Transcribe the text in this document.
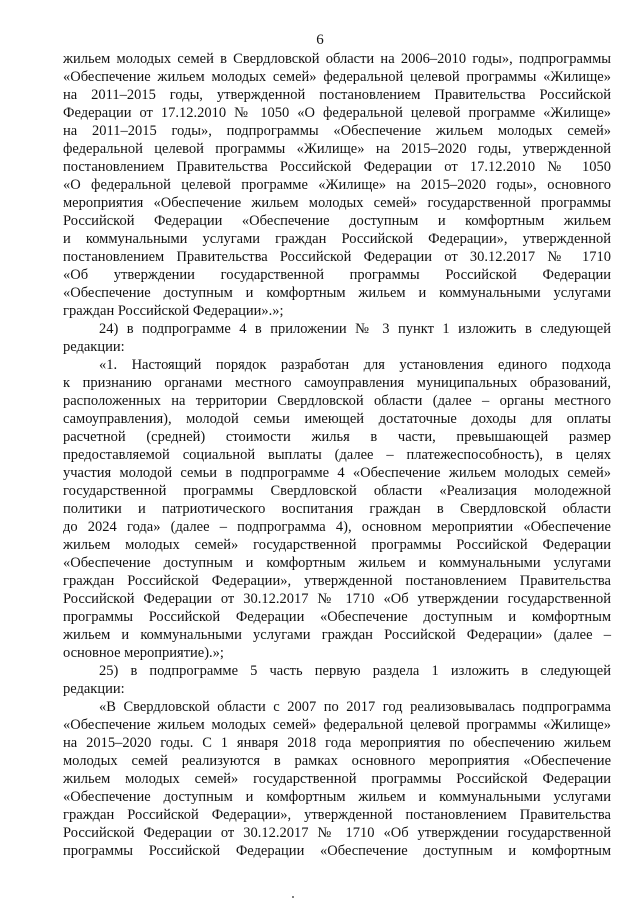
6
жильем молодых семей в Свердловской области на 2006–2010 годы», подпрограммы
«Обеспечение жильем молодых семей» федеральной целевой программы «Жилище»
на 2011–2015 годы, утвержденной постановлением Правительства Российской
Федерации от 17.12.2010 № 1050 «О федеральной целевой программе «Жилище»
на 2011–2015 годы», подпрограммы «Обеспечение жильем молодых семей»
федеральной целевой программы «Жилище» на 2015–2020 годы, утвержденной
постановлением Правительства Российской Федерации от 17.12.2010 № 1050
«О федеральной целевой программе «Жилище» на 2015–2020 годы», основного
мероприятия «Обеспечение жильем молодых семей» государственной программы
Российской Федерации «Обеспечение доступным и комфортным жильем
и коммунальными услугами граждан Российской Федерации», утвержденной
постановлением Правительства Российской Федерации от 30.12.2017 № 1710
«Об утверждении государственной программы Российской Федерации
«Обеспечение доступным и комфортным жильем и коммунальными услугами
граждан Российской Федерации».»;
24) в подпрограмме 4 в приложении № 3 пункт 1 изложить в следующей
редакции:
«1. Настоящий порядок разработан для установления единого подхода
к признанию органами местного самоуправления муниципальных образований,
расположенных на территории Свердловской области (далее – органы местного
самоуправления), молодой семьи имеющей достаточные доходы для оплаты
расчетной (средней) стоимости жилья в части, превышающей размер
предоставляемой социальной выплаты (далее – платежеспособность), в целях
участия молодой семьи в подпрограмме 4 «Обеспечение жильем молодых семей»
государственной программы Свердловской области «Реализация молодежной
политики и патриотического воспитания граждан в Свердловской области
до 2024 года» (далее – подпрограмма 4), основном мероприятии «Обеспечение
жильем молодых семей» государственной программы Российской Федерации
«Обеспечение доступным и комфортным жильем и коммунальными услугами
граждан Российской Федерации», утвержденной постановлением Правительства
Российской Федерации от 30.12.2017 № 1710 «Об утверждении государственной
программы Российской Федерации «Обеспечение доступным и комфортным
жильем и коммунальными услугами граждан Российской Федерации» (далее –
основное мероприятие).»;
25) в подпрограмме 5 часть первую раздела 1 изложить в следующей
редакции:
«В Свердловской области с 2007 по 2017 год реализовывалась подпрограмма
«Обеспечение жильем молодых семей» федеральной целевой программы «Жилище»
на 2015–2020 годы. С 1 января 2018 года мероприятия по обеспечению жильем
молодых семей реализуются в рамках основного мероприятия «Обеспечение
жильем молодых семей» государственной программы Российской Федерации
«Обеспечение доступным и комфортным жильем и коммунальными услугами
граждан Российской Федерации», утвержденной постановлением Правительства
Российской Федерации от 30.12.2017 № 1710 «Об утверждении государственной
программы Российской Федерации «Обеспечение доступным и комфортным
